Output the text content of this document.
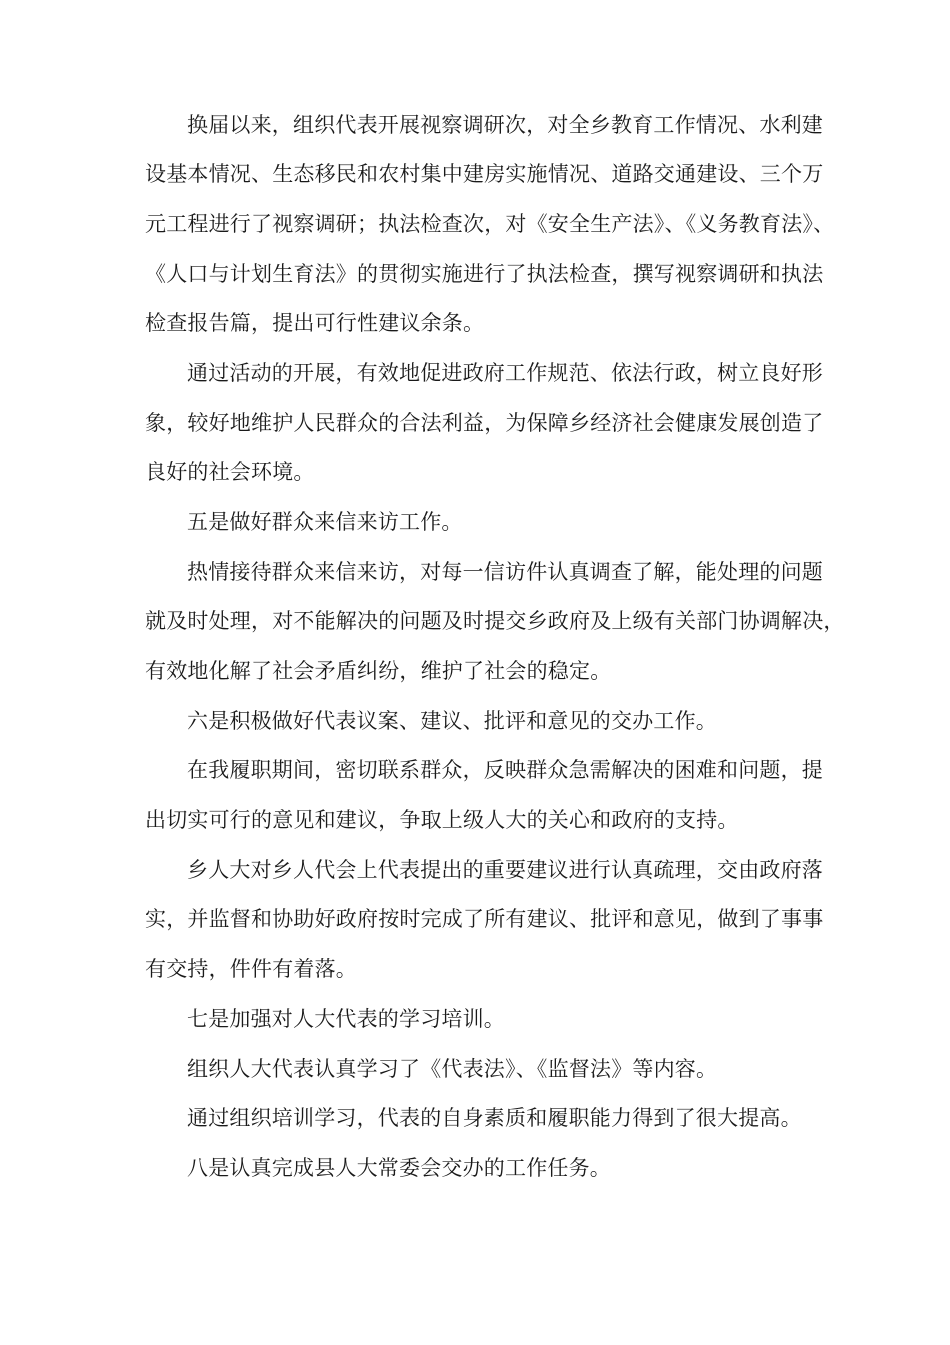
换届以来，组织代表开展视察调研次，对全乡教育工作情况、水利建
设基本情况、生态移民和农村集中建房实施情况、道路交通建设、三个万
元工程进行了视察调研；执法检查次，对《安全生产法》、《义务教育法》、
《人口与计划生育法》的贯彻实施进行了执法检查，撰写视察调研和执法
检查报告篇，提出可行性建议余条。
通过活动的开展，有效地促进政府工作规范、依法行政，树立良好形
象，较好地维护人民群众的合法利益，为保障乡经济社会健康发展创造了
良好的社会环境。
五是做好群众来信来访工作。
热情接待群众来信来访，对每一信访件认真调查了解，能处理的问题
就及时处理，对不能解决的问题及时提交乡政府及上级有关部门协调解决，
有效地化解了社会矛盾纠纷，维护了社会的稳定。
六是积极做好代表议案、建议、批评和意见的交办工作。
在我履职期间，密切联系群众，反映群众急需解决的困难和问题，提
出切实可行的意见和建议，争取上级人大的关心和政府的支持。
乡人大对乡人代会上代表提出的重要建议进行认真疏理，交由政府落
实，并监督和协助好政府按时完成了所有建议、批评和意见，做到了事事
有交持，件件有着落。
七是加强对人大代表的学习培训。
组织人大代表认真学习了《代表法》、《监督法》等内容。
通过组织培训学习，代表的自身素质和履职能力得到了很大提高。
八是认真完成县人大常委会交办的工作任务。
